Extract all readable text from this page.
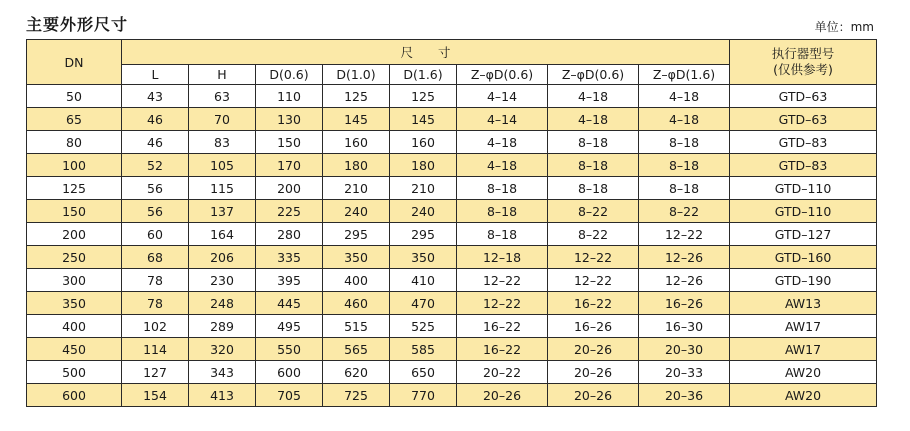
主要外形尺寸	单位：mm
DN	尺　　寸								执行器型号
(仅供参考)

	L	H	D(0.6)	D(1.0)	D(1.6)	Z–φD(0.6)	Z–φD(0.6)	Z–φD(1.6)	
50	43	63	110	125	125	4–14	4–18	4–18	GTD–63
65	46	70	130	145	145	4–14	4–18	4–18	GTD–63
80	46	83	150	160	160	4–18	8–18	8–18	GTD–83
100	52	105	170	180	180	4–18	8–18	8–18	GTD–83
125	56	115	200	210	210	8–18	8–18	8–18	GTD–110
150	56	137	225	240	240	8–18	8–22	8–22	GTD–110
200	60	164	280	295	295	8–18	8–22	12–22	GTD–127
250	68	206	335	350	350	12–18	12–22	12–26	GTD–160
300	78	230	395	400	410	12–22	12–22	12–26	GTD–190
350	78	248	445	460	470	12–22	16–22	16–26	AW13
400	102	289	495	515	525	16–22	16–26	16–30	AW17
450	114	320	550	565	585	16–22	20–26	20–30	AW17
500	127	343	600	620	650	20–22	20–26	20–33	AW20
600	154	413	705	725	770	20–26	20–26	20–36	AW20
